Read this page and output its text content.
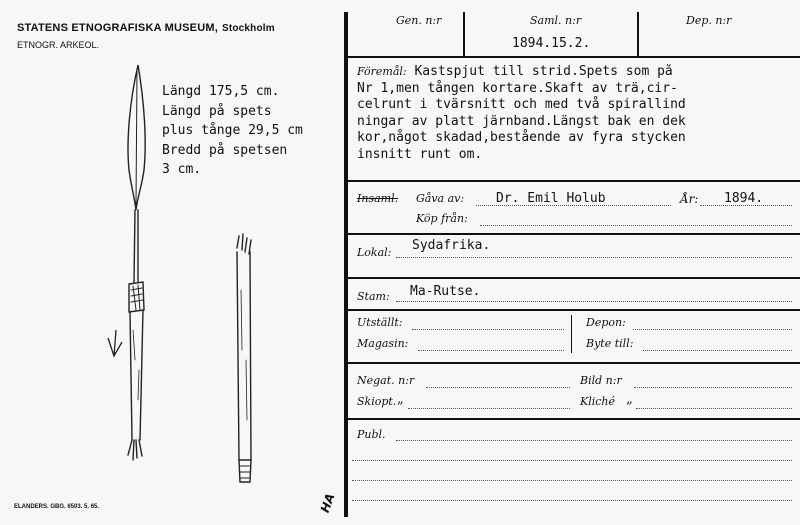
STATENS ETNOGRAFISKA MUSEUM, Stockholm
ETNOGR. ARKEOL.
Längd 175,5 cm.
Längd på spets
plus tånge 29,5 cm
Bredd på spetsen
3 cm.
ELANDERS. GBG. 6503. 5. 65.	HA
Gen. n:r	Saml. n:r	Dep. n:r
1894.15.2.
Föremål: Kastspjut till strid.Spets som på
Nr 1,men tången kortare.Skaft av trä,cir-
celrunt i tvärsnitt och med två spirallind
ningar av platt järnband.Längst bak en dek
kor,något skadad,bestående av fyra stycken
insnitt runt om.
Insaml. Gåva av: Dr. Emil Holub	År: 1894.
Köp från:
Lokal: Sydafrika.
Stam: Ma-Rutse.
Utställt:	Depon:
Magasin:	Byte till:
Negat. n:r	Bild n:r
Skiopt. „	Kliché „
Publ.
